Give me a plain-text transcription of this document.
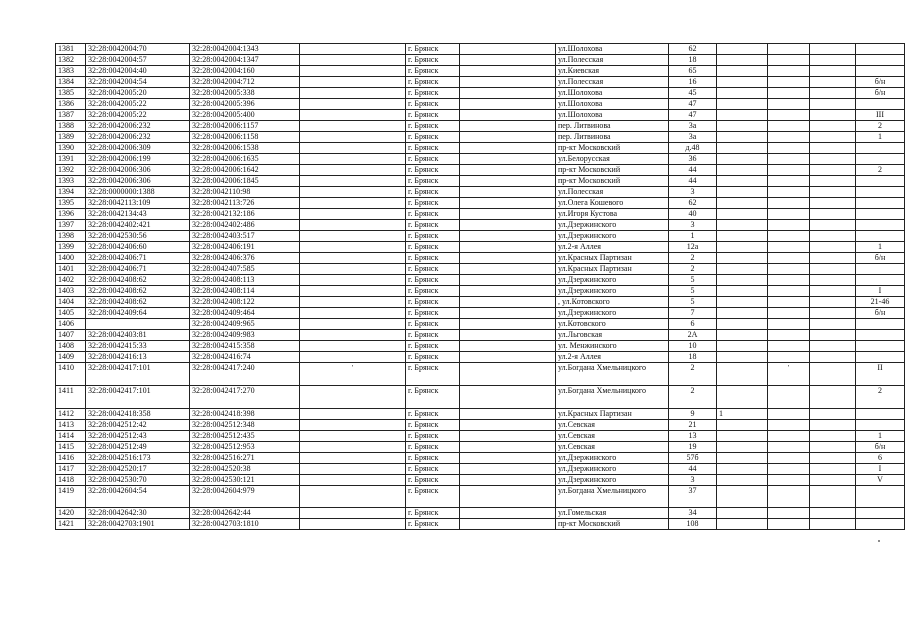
1381	32:28:0042004:70	32:28:0042004:1343		г. Брянск		ул.Шолохова	62				
1382	32:28:0042004:57	32:28:0042004:1347		г. Брянск		ул.Полесская	18				
1383	32:28:0042004:40	32:28:0042004:160		г. Брянск		ул.Киевская	65				
1384	32:28:0042004:54	32:28:0042004:712		г. Брянск		ул.Полесская	16				б/н
1385	32:28:0042005:20	32:28:0042005:338		г. Брянск		ул.Шолохова	45				б/н
1386	32:28:0042005:22	32:28:0042005:396		г. Брянск		ул.Шолохова	47				
1387	32:28:0042005:22	32:28:0042005:400		г. Брянск		ул.Шолохова	47				III
1388	32:28:0042006:232	32:28:0042006:1157		г. Брянск		пер. Литвинова	3а				2
1389	32:28:0042006:232	32:28:0042006:1158		г. Брянск		пер. Литвинова	3а				1
1390	32:28:0042006:309	32:28:0042006:1538		г. Брянск		пр-кт Московский	д.48				
1391	32:28:0042006:199	32:28:0042006:1635		г. Брянск		ул.Белорусская	36				
1392	32:28:0042006:306	32:28:0042006:1642		г. Брянск		пр-кт Московский	44				2
1393	32:28:0042006:306	32:28:0042006:1845		г. Брянск		пр-кт Московский	44				
1394	32:28:0000000:1388	32:28:0042110:98		г. Брянск		ул.Полесская	3				
1395	32:28:0042113:109	32:28:0042113:726		г. Брянск		ул.Олега Кошевого	62				
1396	32:28:0042134:43	32:28:0042132:186		г. Брянск		ул.Игоря Кустова	40				
1397	32:28:0042402:421	32:28:0042402:486		г. Брянск		ул.Дзержинского	3				
1398	32:28:0042530:56	32:28:0042403:517		г. Брянск		ул.Дзержинского	1				
1399	32:28:0042406:60	32:28:0042406:191		г. Брянск		ул.2-я Аллея	12а				1
1400	32:28:0042406:71	32:28:0042406:376		г. Брянск		ул.Красных Партизан	2				б/н
1401	32:28:0042406:71	32:28:0042407:585		г. Брянск		ул.Красных Партизан	2				
1402	32:28:0042408:62	32:28:0042408:113		г. Брянск		ул.Дзержинского	5				
1403	32:28:0042408:62	32:28:0042408:114		г. Брянск		ул.Дзержинского	5				I
1404	32:28:0042408:62	32:28:0042408:122		г. Брянск		, ул.Котовского	5				21-46
1405	32:28:0042409:64	32:28:0042409:464		г. Брянск		ул.Дзержинского	7				б/н
1406		32:28:0042409:965		г. Брянск		ул.Котовского	6				
1407	32:28:0042403:81	32:28:0042409:983		г. Брянск		ул.Льговская	2А				
1408	32:28:0042415:33	32:28:0042415:358		г. Брянск		ул. Менжинского	10				
1409	32:28:0042416:13	32:28:0042416:74		г. Брянск		ул.2-я Аллея	18				
1410	32:28:0042417:101	32:28:0042417:240	'	г. Брянск		ул.Богдана Хмельницкого	2		'		II
1411	32:28:0042417:101	32:28:0042417:270		г. Брянск		ул.Богдана Хмельницкого	2				2
1412	32:28:0042418:358	32:28:0042418:398		г. Брянск		ул.Красных Партизан	9	1			
1413	32:28:0042512:42	32:28:0042512:348		г. Брянск		ул.Севская	21				
1414	32:28:0042512:43	32:28:0042512:435		г. Брянск		ул.Севская	13				1
1415	32:28:0042512:49	32:28:0042512:953		г. Брянск		ул.Севская	19				б/н
1416	32:28:0042516:173	32:28:0042516:271		г. Брянск		ул.Дзержинского	57б				6
1417	32:28:0042520:17	32:28:0042520:38		г. Брянск		ул.Дзержинского	44				I
1418	32:28:0042530:70	32:28:0042530:121		г. Брянск		ул.Дзержинского	3				V
1419	32:28:0042604:54	32:28:0042604:979		г. Брянск		ул.Богдана Хмельницкого	37				
1420	32:28:0042642:30	32:28:0042642:44		г. Брянск		ул.Гомельская	34				
1421	32:28:0042703:1901	32:28:0042703:1810		г. Брянск		пр-кт Московский	108				
